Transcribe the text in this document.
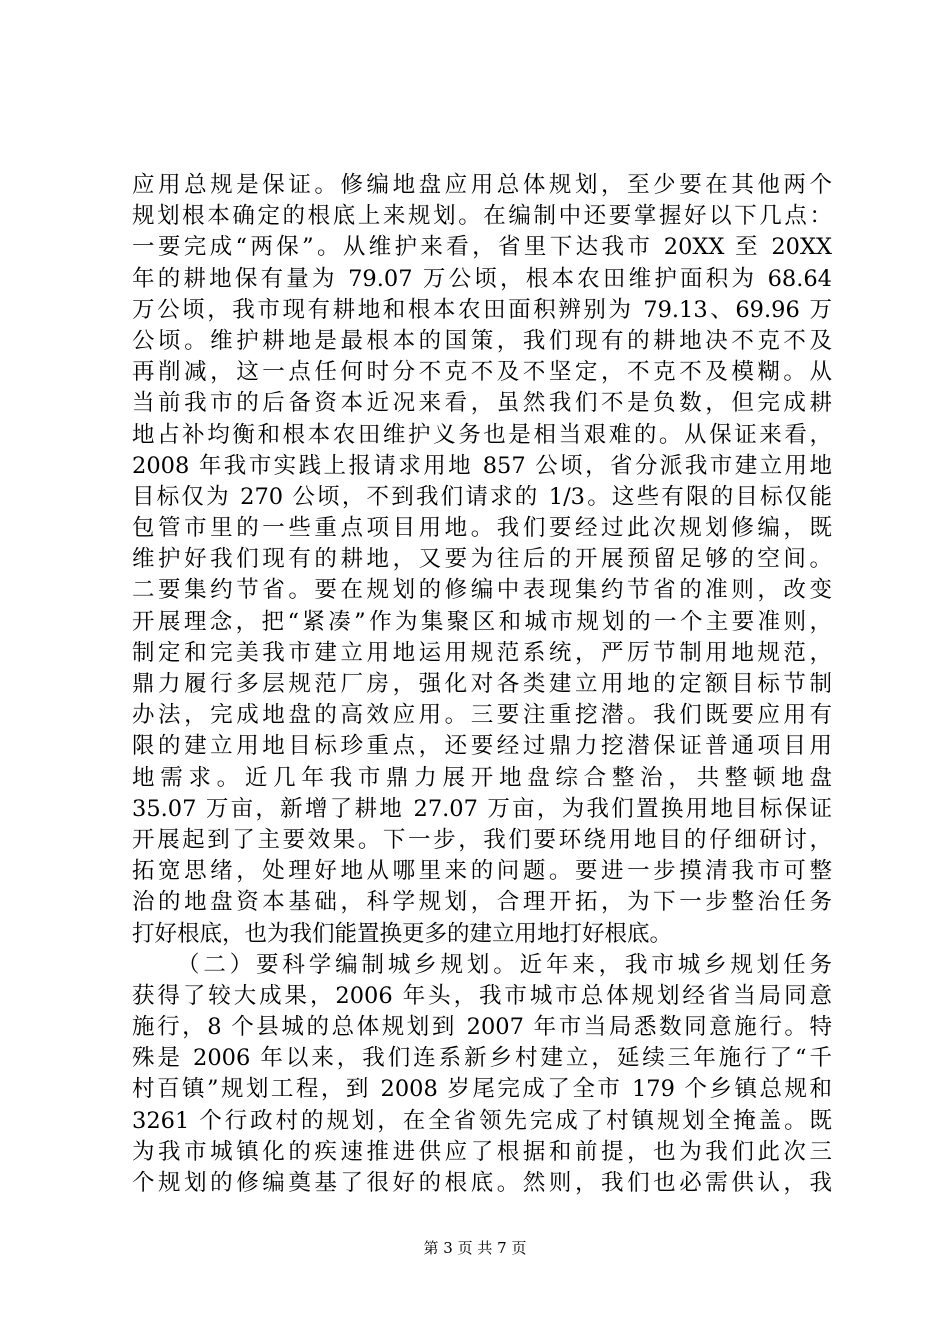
应用总规是保证。修编地盘应用总体规划，至少要在其他两个
规划根本确定的根底上来规划。在编制中还要掌握好以下几点：
一要完成“两保”。从维护来看，省里下达我市 20XX 至 20XX
年的耕地保有量为 79.07 万公顷，根本农田维护面积为 68.64
万公顷，我市现有耕地和根本农田面积辨别为 79.13、69.96 万
公顷。维护耕地是最根本的国策，我们现有的耕地决不克不及
再削减，这一点任何时分不克不及不坚定，不克不及模糊。从
当前我市的后备资本近况来看，虽然我们不是负数，但完成耕
地占补均衡和根本农田维护义务也是相当艰难的。从保证来看，
2008 年我市实践上报请求用地 857 公顷，省分派我市建立用地
目标仅为 270 公顷，不到我们请求的 1/3。这些有限的目标仅能
包管市里的一些重点项目用地。我们要经过此次规划修编，既
维护好我们现有的耕地，又要为往后的开展预留足够的空间。
二要集约节省。要在规划的修编中表现集约节省的准则，改变
开展理念，把“紧凑”作为集聚区和城市规划的一个主要准则，
制定和完美我市建立用地运用规范系统，严厉节制用地规范，
鼎力履行多层规范厂房，强化对各类建立用地的定额目标节制
办法，完成地盘的高效应用。三要注重挖潜。我们既要应用有
限的建立用地目标珍重点，还要经过鼎力挖潜保证普通项目用
地需求。近几年我市鼎力展开地盘综合整治，共整顿地盘
35.07 万亩，新增了耕地 27.07 万亩，为我们置换用地目标保证
开展起到了主要效果。下一步，我们要环绕用地目的仔细研讨，
拓宽思绪，处理好地从哪里来的问题。要进一步摸清我市可整
治的地盘资本基础，科学规划，合理开拓，为下一步整治任务
打好根底，也为我们能置换更多的建立用地打好根底。
（二）要科学编制城乡规划。近年来，我市城乡规划任务
获得了较大成果，2006 年头，我市城市总体规划经省当局同意
施行，8 个县城的总体规划到 2007 年市当局悉数同意施行。特
殊是 2006 年以来，我们连系新乡村建立，延续三年施行了“千
村百镇”规划工程，到 2008 岁尾完成了全市 179 个乡镇总规和
3261 个行政村的规划，在全省领先完成了村镇规划全掩盖。既
为我市城镇化的疾速推进供应了根据和前提，也为我们此次三
个规划的修编奠基了很好的根底。然则，我们也必需供认，我
第 3 页 共 7 页
